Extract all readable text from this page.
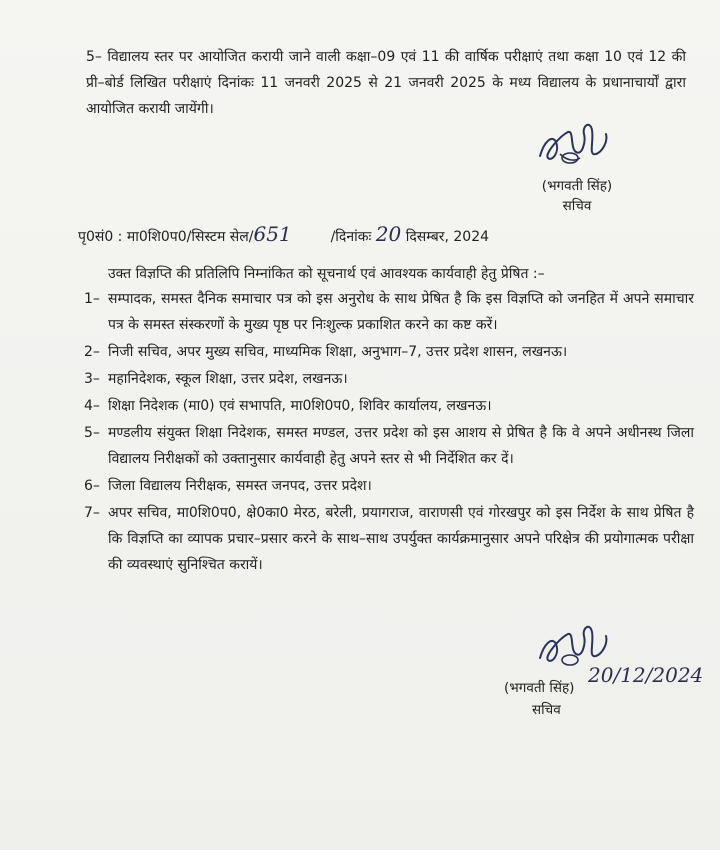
5– विद्यालय स्तर पर आयोजित करायी जाने वाली कक्षा–09 एवं 11 की वार्षिक परीक्षाएं तथा कक्षा 10 एवं 12 की प्री–बोर्ड लिखित परीक्षाएं दिनांकः 11 जनवरी 2025 से 21 जनवरी 2025 के मध्य विद्यालय के प्रधानाचार्यों द्वारा आयोजित करायी जायेंगी।
(भगवती सिंह)
सचिव
पृ0सं0 : मा0शि0प0/सिस्टम सेल/651	/दिनांकः 20 दिसम्बर, 2024
उक्त विज्ञप्ति की प्रतिलिपि निम्नांकित को सूचनार्थ एवं आवश्यक कार्यवाही हेतु प्रेषित :–
1– सम्पादक, समस्त दैनिक समाचार पत्र को इस अनुरोध के साथ प्रेषित है कि इस विज्ञप्ति को जनहित में अपने समाचार पत्र के समस्त संस्करणों के मुख्य पृष्ठ पर निःशुल्क प्रकाशित करने का कष्ट करें।
2– निजी सचिव, अपर मुख्य सचिव, माध्यमिक शिक्षा, अनुभाग–7, उत्तर प्रदेश शासन, लखनऊ।
3– महानिदेशक, स्कूल शिक्षा, उत्तर प्रदेश, लखनऊ।
4– शिक्षा निदेशक (मा0) एवं सभापति, मा0शि0प0, शिविर कार्यालय, लखनऊ।
5– मण्डलीय संयुक्त शिक्षा निदेशक, समस्त मण्डल, उत्तर प्रदेश को इस आशय से प्रेषित है कि वे अपने अधीनस्थ जिला विद्यालय निरीक्षकों को उक्तानुसार कार्यवाही हेतु अपने स्तर से भी निर्देशित कर दें।
6– जिला विद्यालय निरीक्षक, समस्त जनपद, उत्तर प्रदेश।
7– अपर सचिव, मा0शि0प0, क्षे0का0 मेरठ, बरेली, प्रयागराज, वाराणसी एवं गोरखपुर को इस निर्देश के साथ प्रेषित है कि विज्ञप्ति का व्यापक प्रचार–प्रसार करने के साथ–साथ उपर्युक्त कार्यक्रमानुसार अपने परिक्षेत्र की प्रयोगात्मक परीक्षा की व्यवस्थाएं सुनिश्चित करायें।
(भगवती सिंह)
सचिव
20/12/2024
